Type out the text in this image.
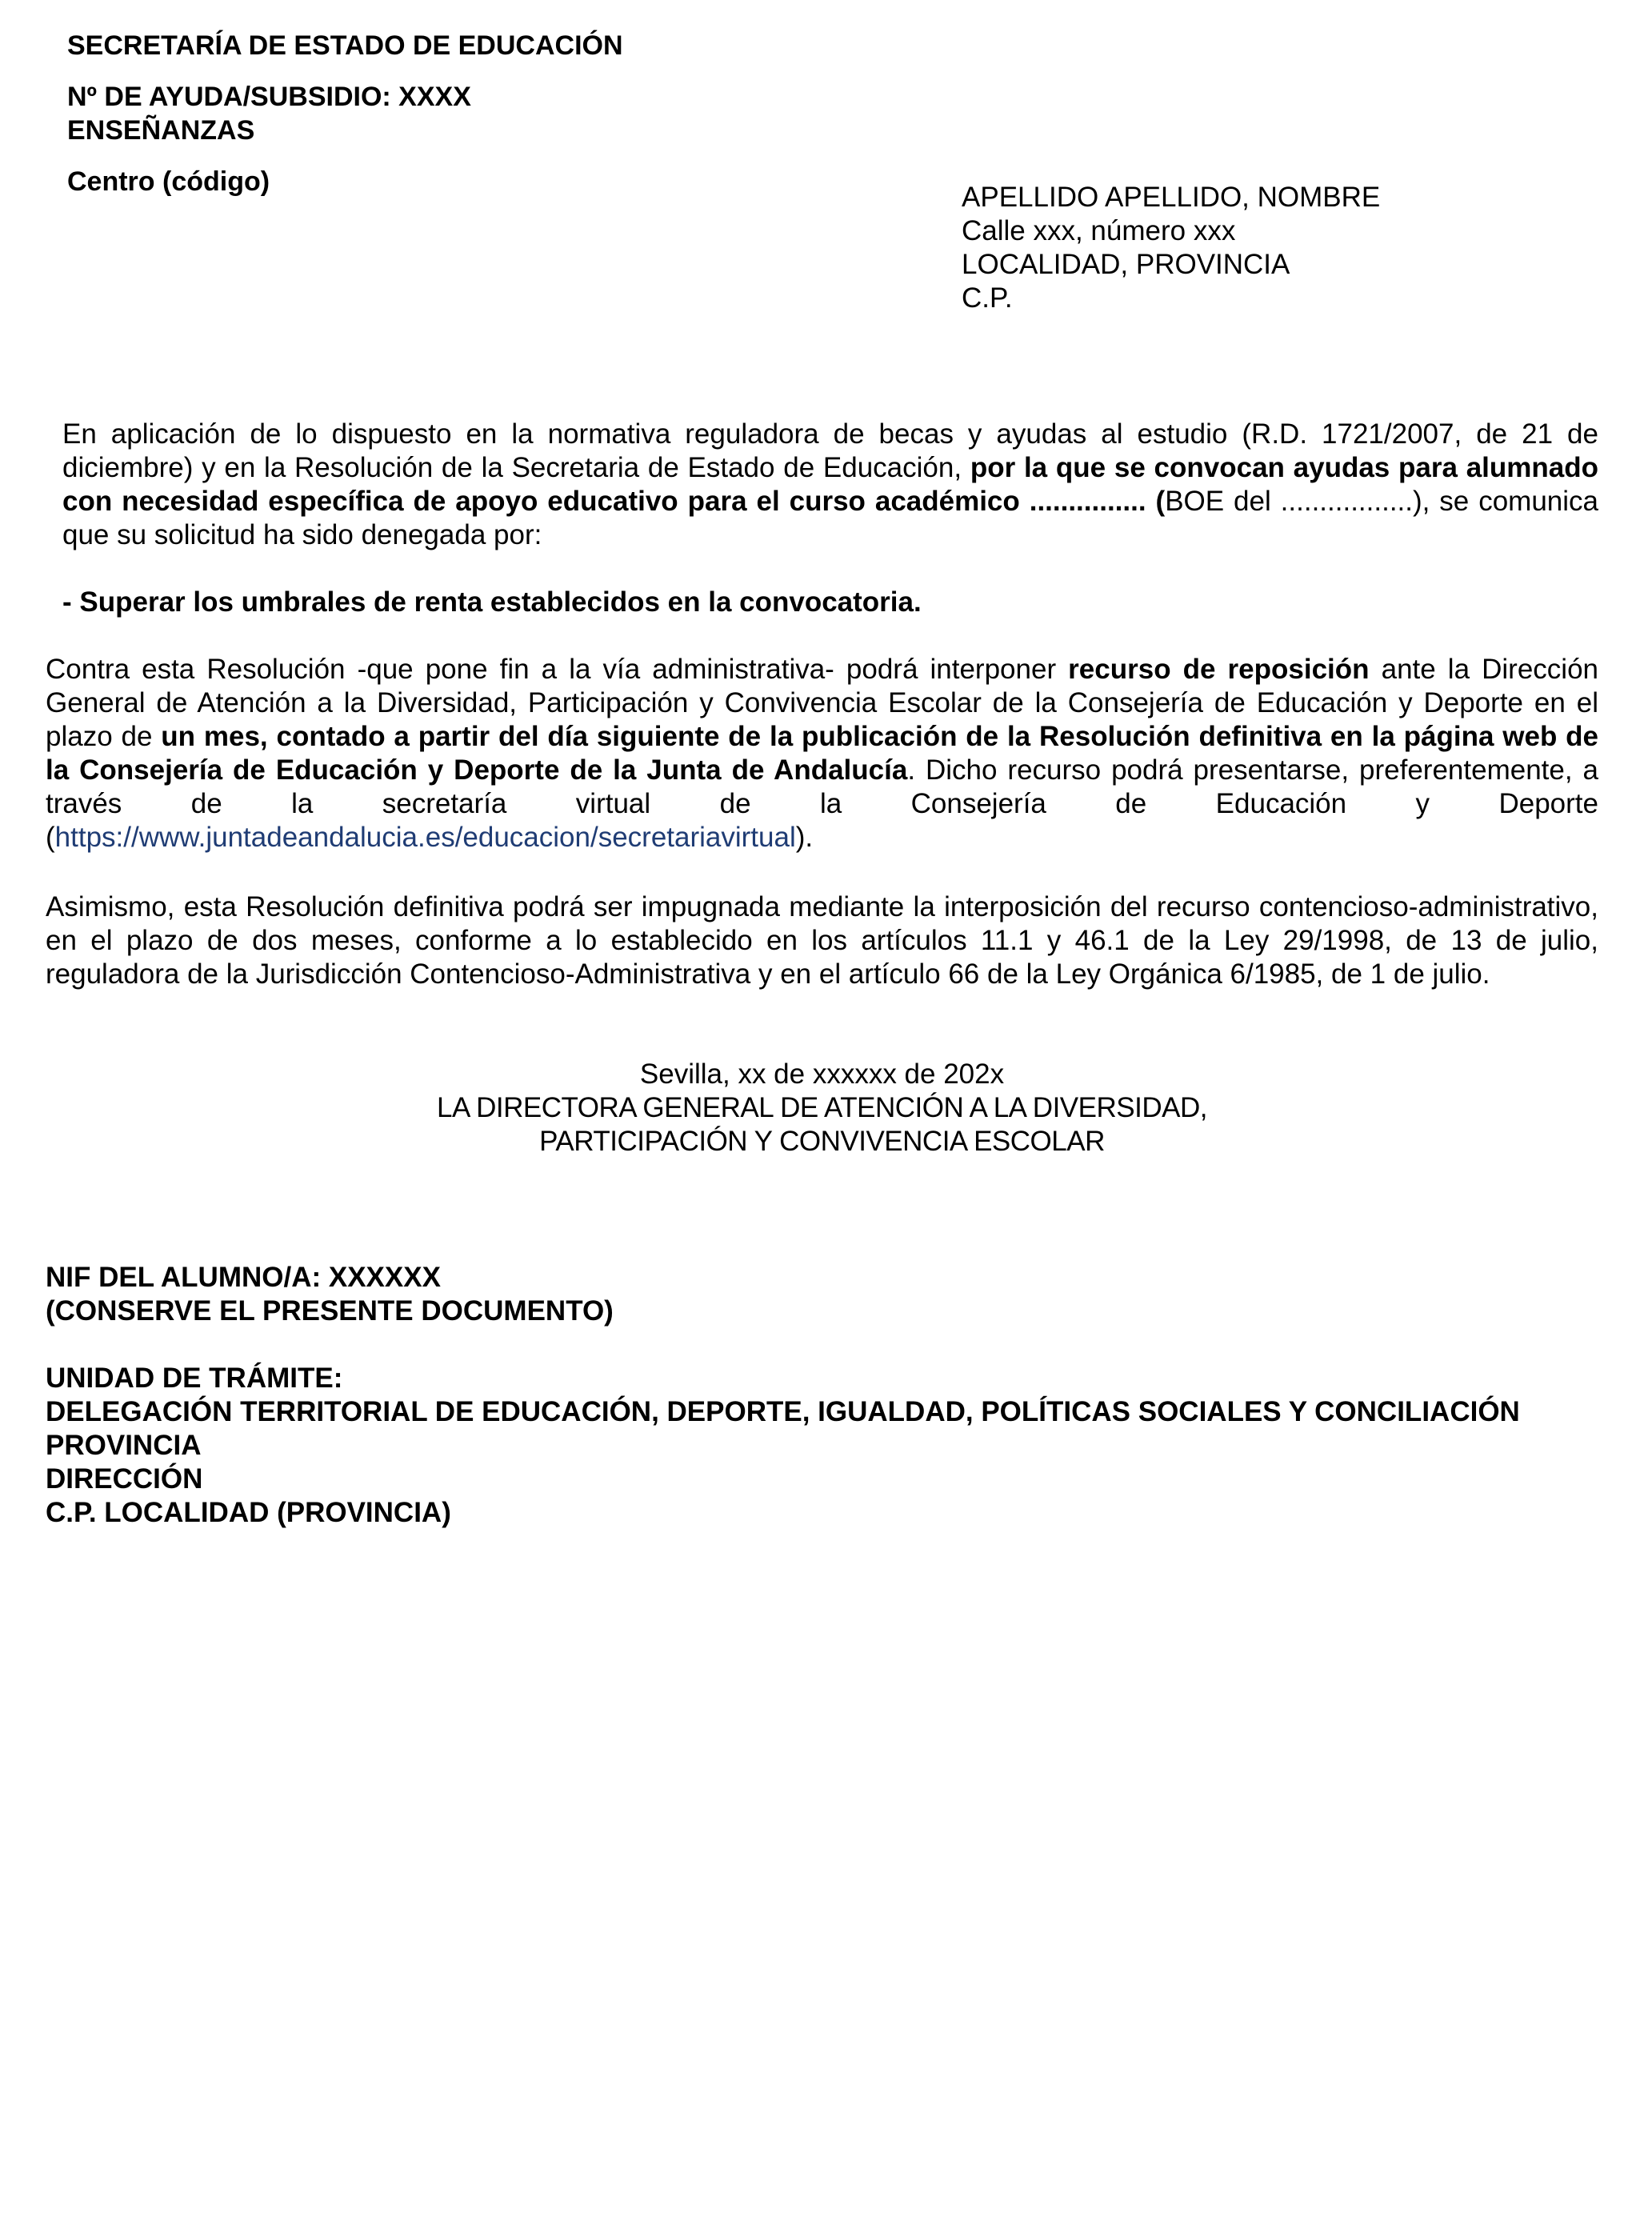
SECRETARÍA DE ESTADO DE EDUCACIÓN
Nº DE AYUDA/SUBSIDIO: XXXX
ENSEÑANZAS
Centro (código)	APELLIDO APELLIDO, NOMBRE
Calle xxx, número xxx
LOCALIDAD, PROVINCIA
C.P.

En aplicación de lo dispuesto en la normativa reguladora de becas y ayudas al estudio (R.D. 1721/2007, de 21 de diciembre) y en la Resolución de la Secretaria de Estado de Educación, por la que se convocan ayudas para alumnado con necesidad específica de apoyo educativo para el curso académico ............... (BOE del .................), se comunica que su solicitud ha sido denegada por:

- Superar los umbrales de renta establecidos en la convocatoria.

Contra esta Resolución -que pone fin a la vía administrativa- podrá interponer recurso de reposición ante la Dirección General de Atención a la Diversidad, Participación y Convivencia Escolar de la Consejería de Educación y Deporte en el plazo de un mes, contado a partir del día siguiente de la publicación de la Resolución definitiva en la página web de la Consejería de Educación y Deporte de la Junta de Andalucía. Dicho recurso podrá presentarse, preferentemente, a través de la secretaría virtual de la Consejería de Educación y Deporte (https://www.juntadeandalucia.es/educacion/secretariavirtual).

Asimismo, esta Resolución definitiva podrá ser impugnada mediante la interposición del recurso contencioso-administrativo, en el plazo de dos meses, conforme a lo establecido en los artículos 11.1 y 46.1 de la Ley 29/1998, de 13 de julio, reguladora de la Jurisdicción Contencioso-Administrativa y en el artículo 66 de la Ley Orgánica 6/1985, de 1 de julio.

Sevilla, xx de xxxxxx de 202x
LA DIRECTORA GENERAL DE ATENCIÓN A LA DIVERSIDAD,
PARTICIPACIÓN Y CONVIVENCIA ESCOLAR
NIF DEL ALUMNO/A: XXXXXX
(CONSERVE EL PRESENTE DOCUMENTO)
UNIDAD DE TRÁMITE:
DELEGACIÓN TERRITORIAL DE EDUCACIÓN, DEPORTE, IGUALDAD, POLÍTICAS SOCIALES Y CONCILIACIÓN
PROVINCIA
DIRECCIÓN
C.P. LOCALIDAD (PROVINCIA)
